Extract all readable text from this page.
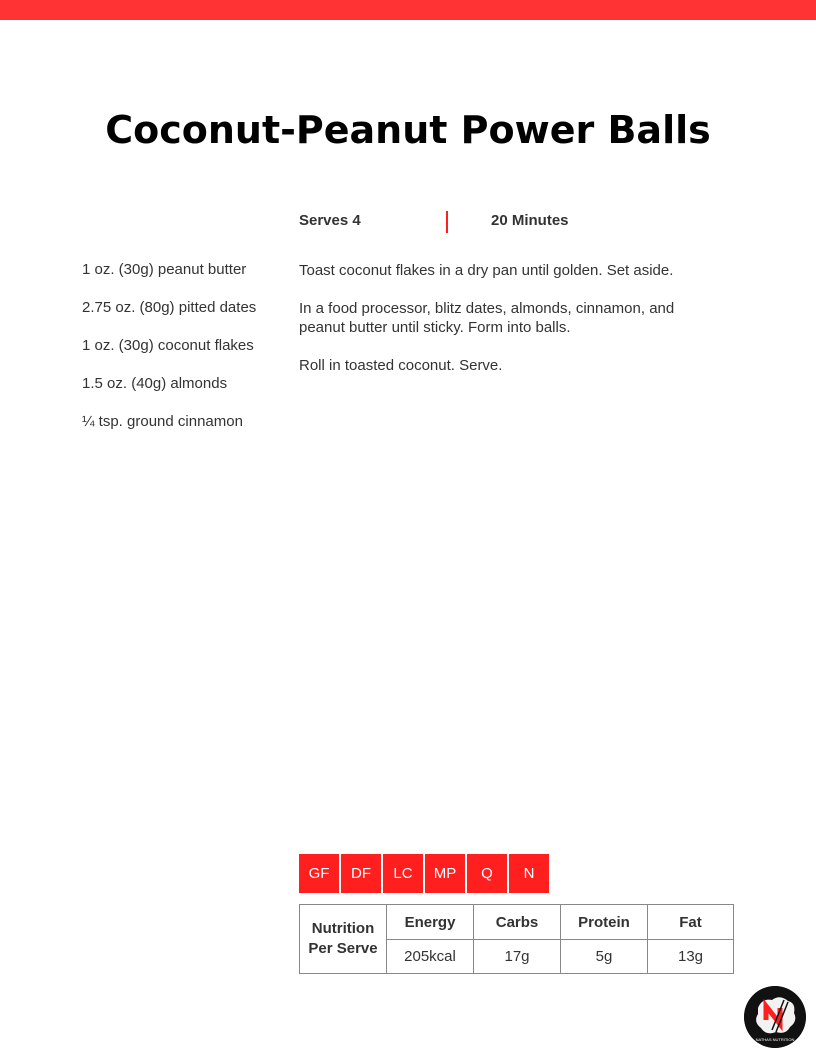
Coconut-Peanut Power Balls
Serves 4	20 Minutes
1 oz. (30g) peanut butter
2.75 oz. (80g) pitted dates
1 oz. (30g) coconut flakes
1.5 oz. (40g) almonds
¼ tsp. ground cinnamon

Toast coconut flakes in a dry pan until golden. Set aside.

In a food processor, blitz dates, almonds, cinnamon, and peanut butter until sticky. Form into balls.

Roll in toasted coconut. Serve.

GF	DF	LC	MP	Q	N
Nutrition Per Serve	Energy	Carbs	Protein	Fat
	205kcal	17g	5g	13g
NATHAS NUTRITION
